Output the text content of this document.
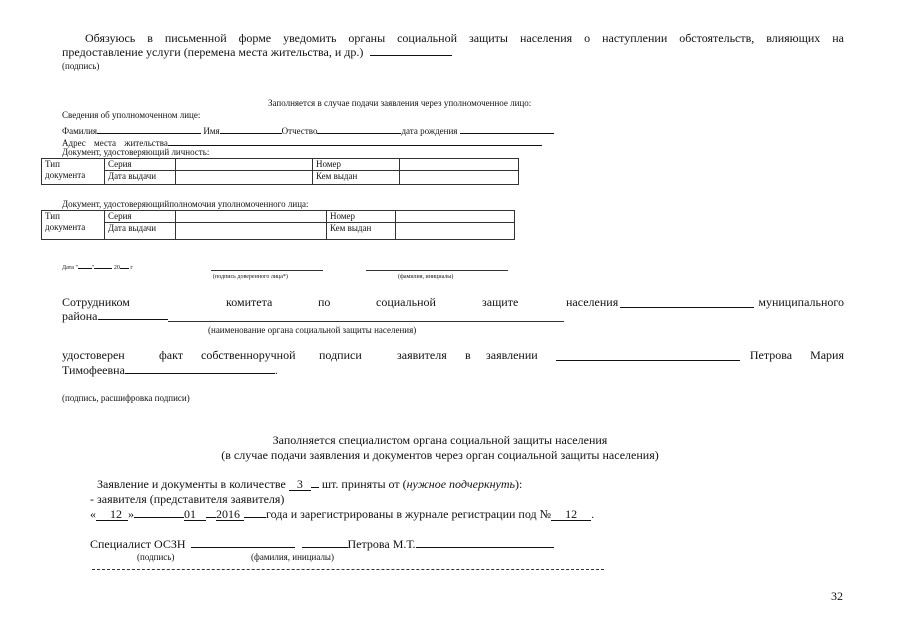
Обязуюсь в письменной форме уведомить органы социальной защиты населения о наступлении обстоятельств, влияющих на
предоставление услуги (перемена места жительства, и др.)
(подпись)
Заполняется в случае подачи заявления через уполномоченное лицо:
Сведения об уполномоченном лице:
Фамилия	Имя	Отчество	дата рождения
Адрес места жительства
Документ, удостоверяющий личность:
Тип
документа	Серия		Номер	
	Дата выдачи		Кем выдан	
Документ, удостоверяющийполномочия уполномоченного лица:
Тип
документа	Серия		Номер	
	Дата выдачи		Кем выдан	
Дата " "	20 г
(подпись доверенного лица*)	(фамилия, инициалы)
Сотрудником	комитета	по	социальной	защите	населения	муниципального
района
(наименование органа социальной защиты населения)
удостоверен	факт	собственноручной	подписи	заявителя	в	заявлении	Петрова Мария
Тимофеевна	.
(подпись, расшифровка подписи)
Заполняется специалистом органа социальной защиты населения
(в случае подачи заявления и документов через орган социальной защиты населения)
Заявление и документы в количестве 3 шт. приняты от (нужное подчеркнуть):
- заявителя (представителя заявителя)
« 12 »	01 2016 года и зарегистрированы в журнале регистрации под № 12 .
Специалист ОСЗН	Петрова М.Т.
(подпись)	(фамилия, инициалы)
32
